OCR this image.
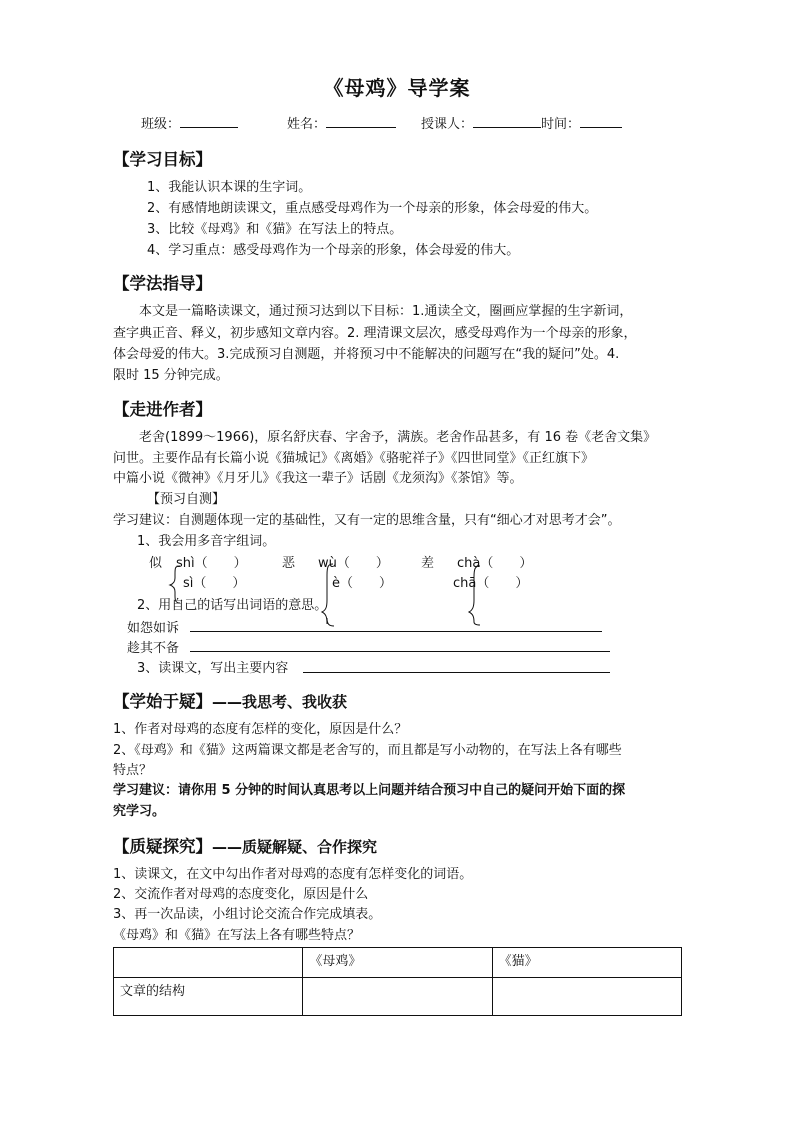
《母鸡》导学案
班级：	姓名：	授课人：	时间：
【学习目标】
1、我能认识本课的生字词。
2、有感情地朗读课文，重点感受母鸡作为一个母亲的形象，体会母爱的伟大。
3、比较《母鸡》和《猫》在写法上的特点。
4、学习重点：感受母鸡作为一个母亲的形象，体会母爱的伟大。
【学法指导】
　　本文是一篇略读课文，通过预习达到以下目标：1.通读全文，圈画应掌握的生字新词，
查字典正音、释义，初步感知文章内容。2. 理清课文层次，感受母鸡作为一个母亲的形象，
体会母爱的伟大。3.完成预习自测题，并将预习中不能解决的问题写在“我的疑问”处。4.
限时 15 分钟完成。
【走进作者】
　　老舍(1899～1966)，原名舒庆春、字舍予，满族。老舍作品甚多，有 16 卷《老舍文集》
问世。主要作品有长篇小说《猫城记》《离婚》《骆驼祥子》《四世同堂》《正红旗下》
中篇小说《微神》《月牙儿》《我这一辈子》话剧《龙须沟》《茶馆》等。
【预习自测】
学习建议：自测题体现一定的基础性，又有一定的思维含量，只有“细心才对思考才会”。
1、我会用多音字组词。
似 shì（　　）
sì（　　）
恶 wù（　　）
è（　　）
差 chà（　　）
chā（　　）
2、用自己的话写出词语的意思。
如怨如诉
趁其不备
3、读课文，写出主要内容
【学始于疑】——我思考、我收获
1、作者对母鸡的态度有怎样的变化，原因是什么？
2、《母鸡》和《猫》这两篇课文都是老舍写的，而且都是写小动物的，在写法上各有哪些
特点？
学习建议：请你用 5 分钟的时间认真思考以上问题并结合预习中自己的疑问开始下面的探
究学习。
【质疑探究】——质疑解疑、合作探究
1、读课文，在文中勾出作者对母鸡的态度有怎样变化的词语。
2、交流作者对母鸡的态度变化，原因是什么
3、再一次品读，小组讨论交流合作完成填表。
《母鸡》和《猫》在写法上各有哪些特点？
	《母鸡》	《猫》
文章的结构		
